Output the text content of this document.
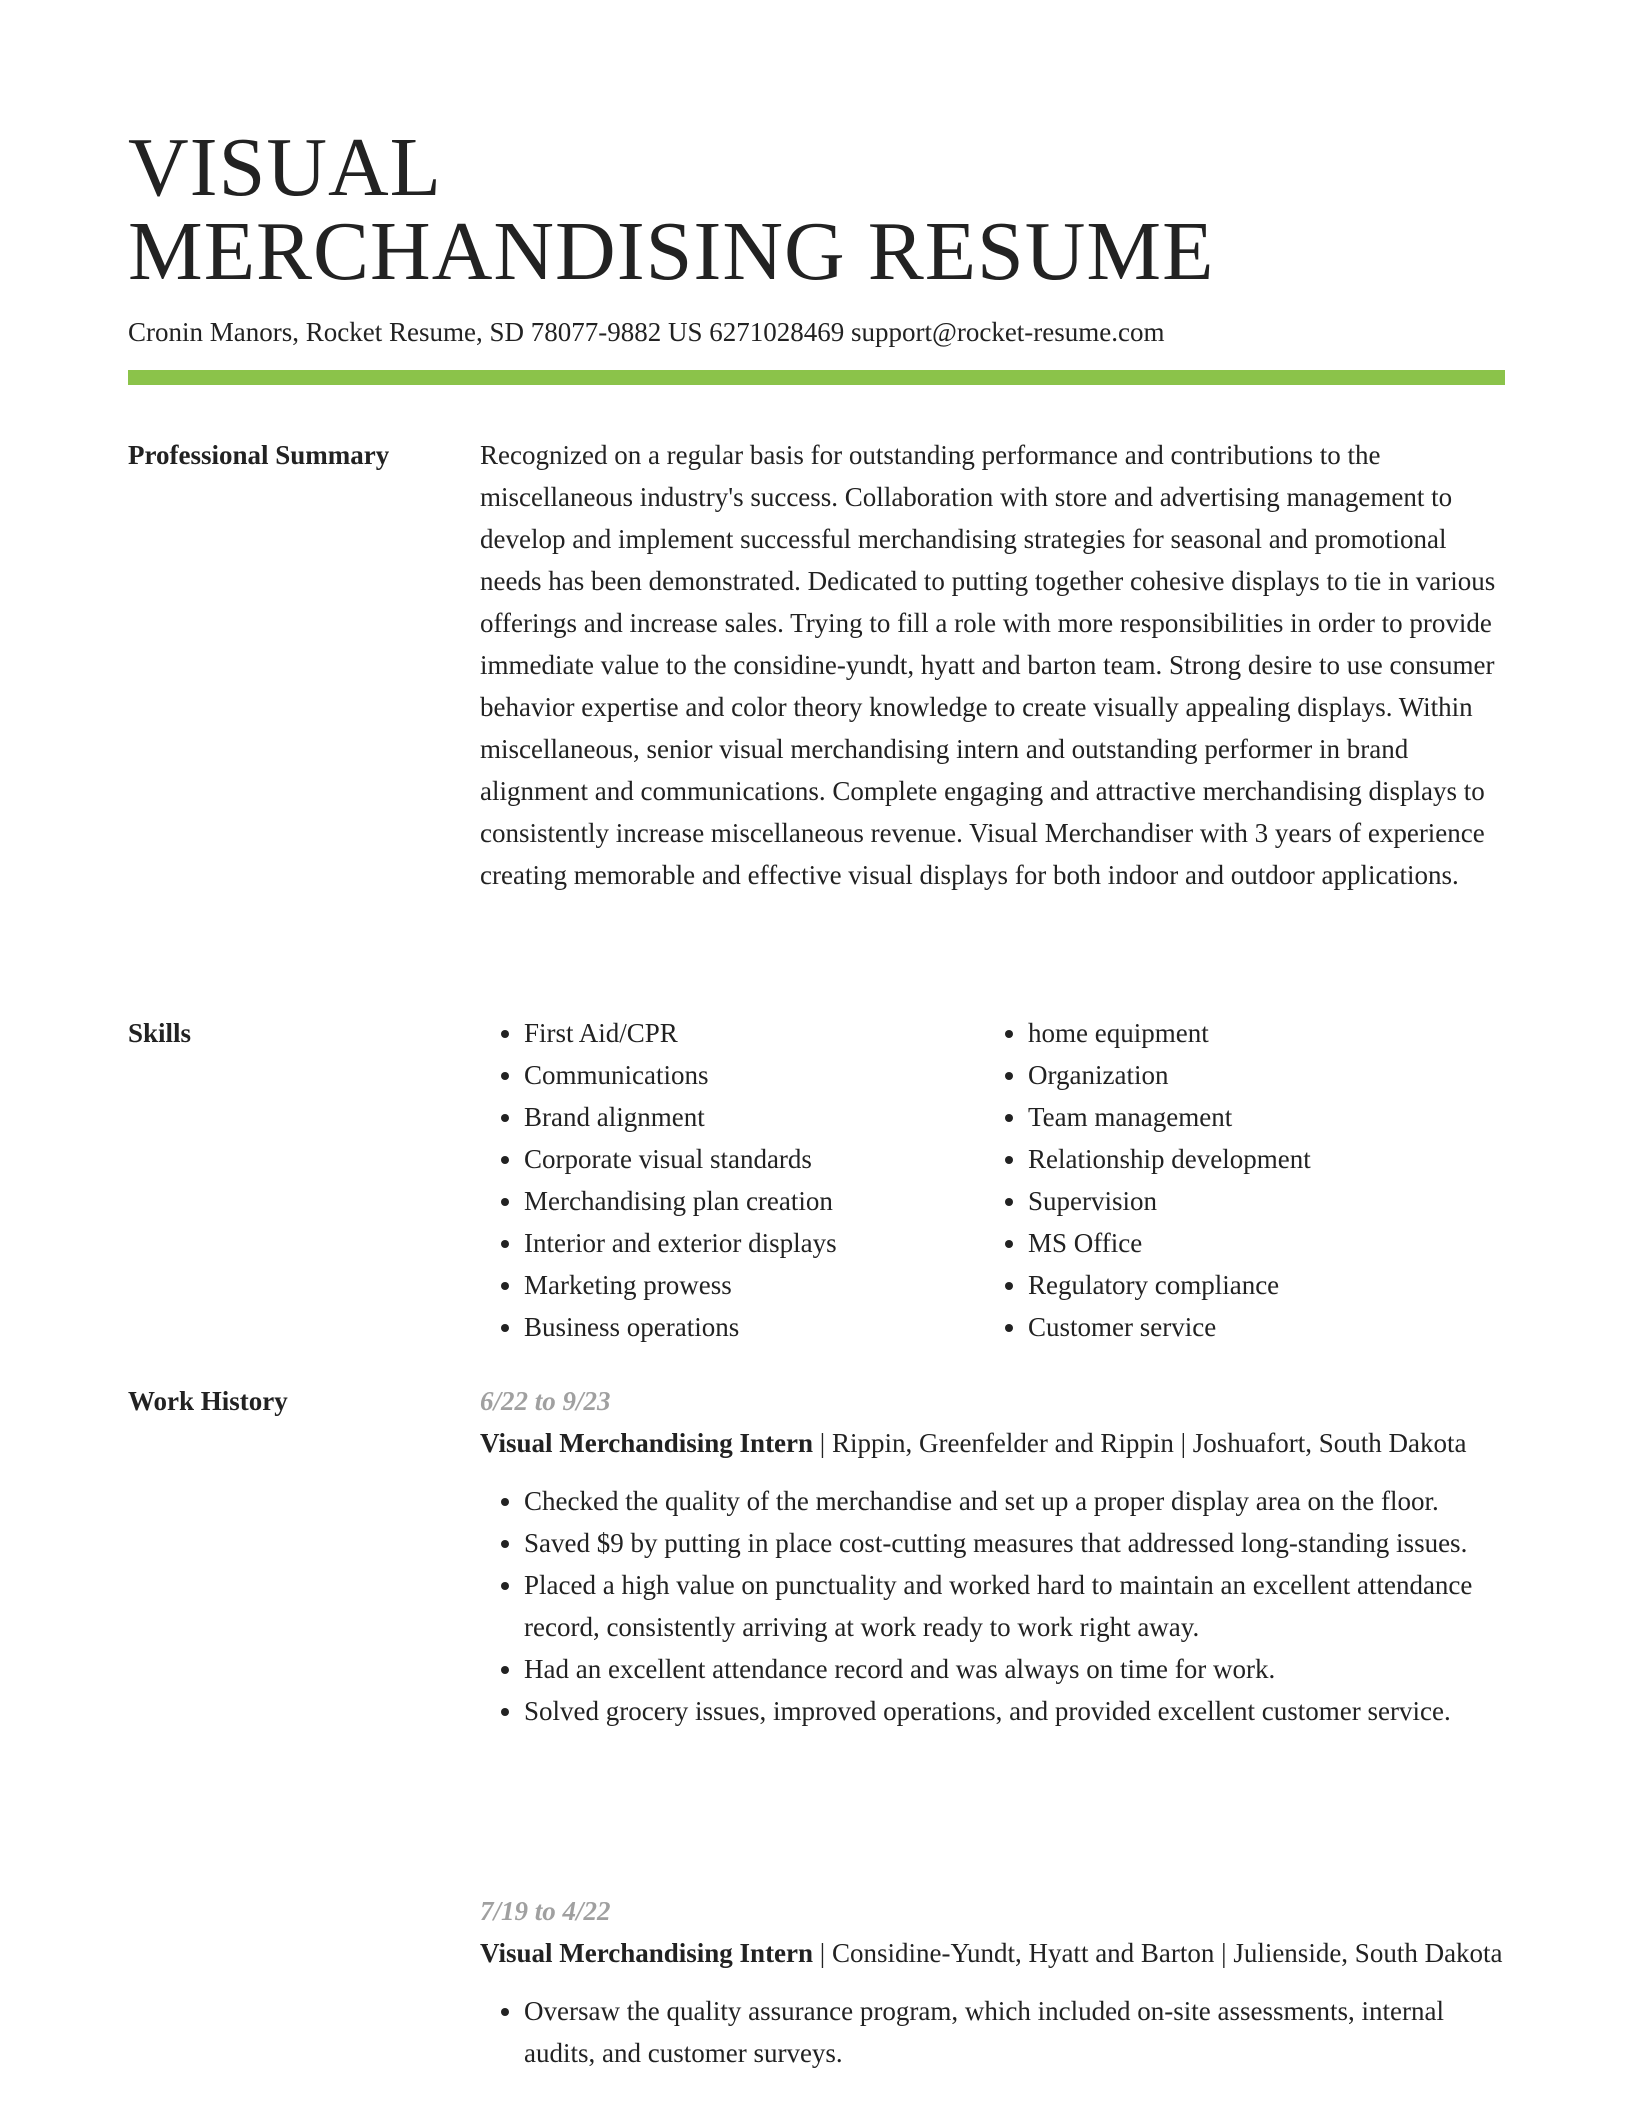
VISUAL
MERCHANDISING RESUME
Cronin Manors, Rocket Resume, SD 78077-9882 US 6271028469 support@rocket-resume.com
Professional Summary	Recognized on a regular basis for outstanding performance and contributions to the miscellaneous industry's success. Collaboration with store and advertising management to develop and implement successful merchandising strategies for seasonal and promotional needs has been demonstrated. Dedicated to putting together cohesive displays to tie in various offerings and increase sales. Trying to fill a role with more responsibilities in order to provide immediate value to the considine-yundt, hyatt and barton team. Strong desire to use consumer behavior expertise and color theory knowledge to create visually appealing displays. Within miscellaneous, senior visual merchandising intern and outstanding performer in brand alignment and communications. Complete engaging and attractive merchandising displays to consistently increase miscellaneous revenue. Visual Merchandiser with 3 years of experience creating memorable and effective visual displays for both indoor and outdoor applications.

Skills
•	First Aid/CPR
• Communications
• Brand alignment
• Corporate visual standards
• Merchandising plan creation
• Interior and exterior displays
• Marketing prowess
• Business operations
• home equipment
• Organization
• Team management
• Relationship development
• Supervision
• MS Office
• Regulatory compliance
• Customer service
Work History	6/22 to 9/23
Visual Merchandising Intern | Rippin, Greenfelder and Rippin | Joshuafort, South Dakota
• Checked the quality of the merchandise and set up a proper display area on the floor.
• Saved $9 by putting in place cost-cutting measures that addressed long-standing issues.
• Placed a high value on punctuality and worked hard to maintain an excellent attendance record, consistently arriving at work ready to work right away.
• Had an excellent attendance record and was always on time for work.
• Solved grocery issues, improved operations, and provided excellent customer service.
7/19 to 4/22
Visual Merchandising Intern | Considine-Yundt, Hyatt and Barton | Julienside, South Dakota
• Oversaw the quality assurance program, which included on-site assessments, internal audits, and customer surveys.
